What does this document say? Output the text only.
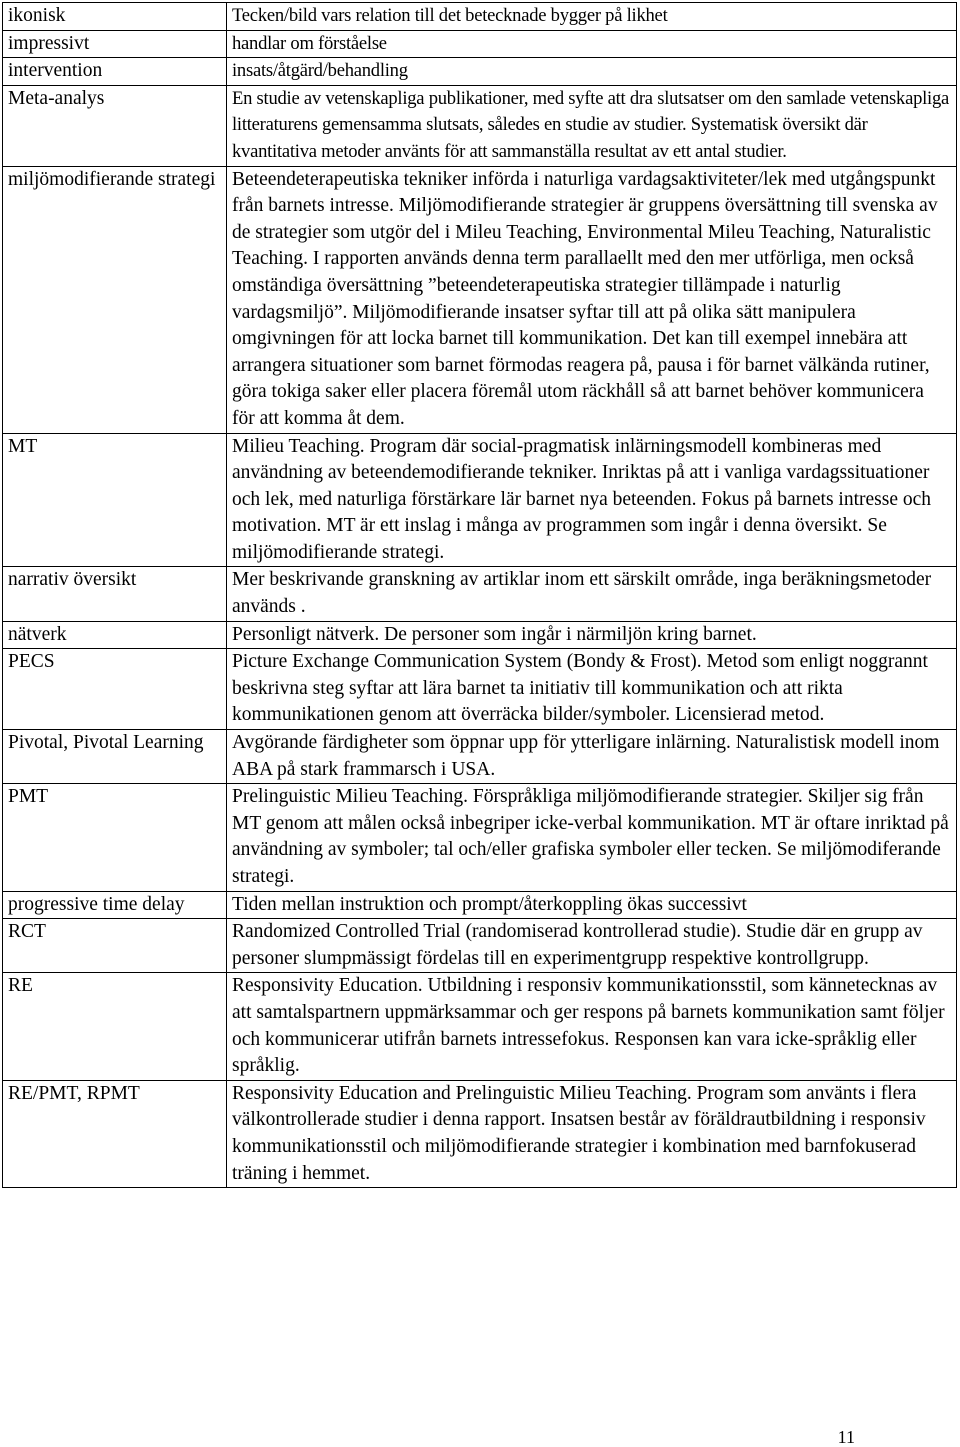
ikonisk	Tecken/bild vars relation till det betecknade bygger på likhet
impressivt	handlar om förståelse
intervention	insats/åtgärd/behandling
Meta-analys	En studie av vetenskapliga publikationer, med syfte att dra slutsatser om den samlade vetenskapliga litteraturens gemensamma slutsats, således en studie av studier. Systematisk översikt där kvantitativa metoder använts för att sammanställa resultat av ett antal studier.
miljömodifierande strategi	Beteendeterapeutiska tekniker införda i naturliga vardagsaktiviteter/lek med utgångspunkt från barnets intresse. Miljömodifierande strategier är gruppens översättning till svenska av de strategier som utgör del i Mileu Teaching, Environmental Mileu Teaching, Naturalistic Teaching. I rapporten används denna term parallaellt med den mer utförliga, men också omständiga översättning ”beteendeterapeutiska strategier tillämpade i naturlig vardagsmiljö”. Miljömodifierande insatser syftar till att på olika sätt manipulera omgivningen för att locka barnet till kommunikation. Det kan till exempel innebära att arrangera situationer som barnet förmodas reagera på, pausa i för barnet välkända rutiner, göra tokiga saker eller placera föremål utom räckhåll så att barnet behöver kommunicera för att komma åt dem.
MT	Milieu Teaching. Program där social-pragmatisk inlärningsmodell kombineras med användning av beteendemodifierande tekniker. Inriktas på att i vanliga vardagssituationer och lek, med naturliga förstärkare lär barnet nya beteenden. Fokus på barnets intresse och motivation. MT är ett inslag i många av programmen som ingår i denna översikt. Se miljömodifierande strategi.
narrativ översikt	Mer beskrivande granskning av artiklar inom ett särskilt område, inga beräkningsmetoder används .
nätverk	Personligt nätverk. De personer som ingår i närmiljön kring barnet.
PECS	Picture Exchange Communication System (Bondy & Frost). Metod som enligt noggrannt beskrivna steg syftar att lära barnet ta initiativ till kommunikation och att rikta kommunikationen genom att överräcka bilder/symboler. Licensierad metod.
Pivotal, Pivotal Learning	Avgörande färdigheter som öppnar upp för ytterligare inlärning. Naturalistisk modell inom ABA på stark frammarsch i USA.
PMT	Prelinguistic Milieu Teaching. Förspråkliga miljömodifierande strategier. Skiljer sig från MT genom att målen också inbegriper icke-verbal kommunikation. MT är oftare inriktad på användning av symboler; tal och/eller grafiska symboler eller tecken. Se miljömodiferande strategi.
progressive time delay	Tiden mellan instruktion och prompt/återkoppling ökas successivt
RCT	Randomized Controlled Trial (randomiserad kontrollerad studie). Studie där en grupp av personer slumpmässigt fördelas till en experimentgrupp respektive kontrollgrupp.
RE	Responsivity Education. Utbildning i responsiv kommunikationsstil, som kännetecknas av att samtalspartnern uppmärksammar och ger respons på barnets kommunikation samt följer och kommunicerar utifrån barnets intressefokus. Responsen kan vara icke-språklig eller språklig.
RE/PMT, RPMT	Responsivity Education and Prelinguistic Milieu Teaching. Program som använts i flera välkontrollerade studier i denna rapport. Insatsen består av föräldrautbildning i responsiv kommunikationsstil och miljömodifierande strategier i kombination med barnfokuserad träning i hemmet.
11
